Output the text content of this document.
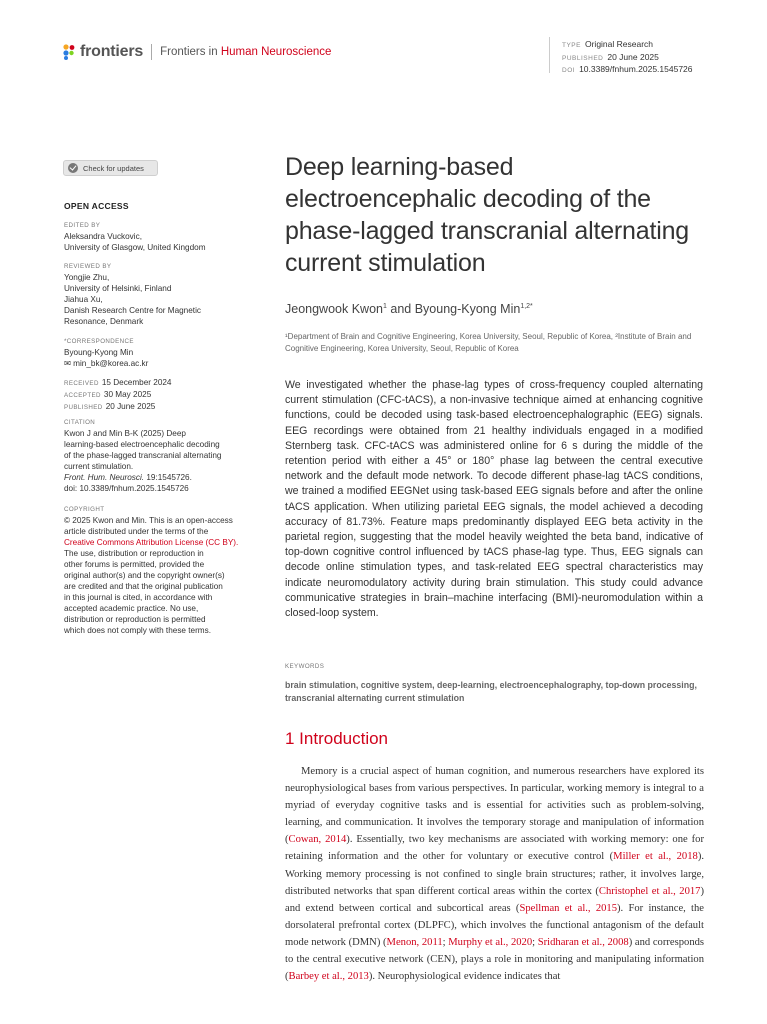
frontiers Frontiers in Human Neuroscience
TYPE Original Research
PUBLISHED 20 June 2025
DOI 10.3389/fnhum.2025.1545726
Check for updates
OPEN ACCESS
EDITED BY
Aleksandra Vuckovic,
University of Glasgow, United Kingdom
REVIEWED BY
Yongjie Zhu,
University of Helsinki, Finland
Jiahua Xu,
Danish Research Centre for Magnetic
Resonance, Denmark
*CORRESPONDENCE
Byoung-Kyong Min
✉ min_bk@korea.ac.kr
RECEIVED 15 December 2024
ACCEPTED 30 May 2025
PUBLISHED 20 June 2025
CITATION
Kwon J and Min B-K (2025) Deep
learning-based electroencephalic decoding
of the phase-lagged transcranial alternating
current stimulation.
Front. Hum. Neurosci. 19:1545726.
doi: 10.3389/fnhum.2025.1545726
COPYRIGHT
© 2025 Kwon and Min. This is an open-access
article distributed under the terms of the
Creative Commons Attribution License (CC BY).
The use, distribution or reproduction in
other forums is permitted, provided the
original author(s) and the copyright owner(s)
are credited and that the original publication
in this journal is cited, in accordance with
accepted academic practice. No use,
distribution or reproduction is permitted
which does not comply with these terms.
Deep learning-based electroencephalic decoding of the phase-lagged transcranial alternating current stimulation
Jeongwook Kwon$^1$ and Byoung-Kyong Min$^{1,2*}$
¹Department of Brain and Cognitive Engineering, Korea University, Seoul, Republic of Korea, ²Institute of Brain and Cognitive Engineering, Korea University, Seoul, Republic of Korea
We investigated whether the phase-lag types of cross-frequency coupled alternating current stimulation (CFC-tACS), a non-invasive technique aimed at enhancing cognitive functions, could be decoded using task-based electroencephalographic (EEG) signals. EEG recordings were obtained from 21 healthy individuals engaged in a modified Sternberg task. CFC-tACS was administered online for 6 s during the middle of the retention period with either a 45° or 180° phase lag between the central executive network and the default mode network. To decode different phase-lag tACS conditions, we trained a modified EEGNet using task-based EEG signals before and after the online tACS application. When utilizing parietal EEG signals, the model achieved a decoding accuracy of 81.73%. Feature maps predominantly displayed EEG beta activity in the parietal region, suggesting that the model heavily weighted the beta band, indicative of top-down cognitive control influenced by tACS phase-lag type. Thus, EEG signals can decode online stimulation types, and task-related EEG spectral characteristics may indicate neuromodulatory activity during brain stimulation. This study could advance communicative strategies in brain–machine interfacing (BMI)-neuromodulation within a closed-loop system.
KEYWORDS
brain stimulation, cognitive system, deep-learning, electroencephalography, top-down processing, transcranial alternating current stimulation
1 Introduction
Memory is a crucial aspect of human cognition, and numerous researchers have explored its neurophysiological bases from various perspectives. In particular, working memory is integral to a myriad of everyday cognitive tasks and is essential for activities such as problem-solving, learning, and communication. It involves the temporary storage and manipulation of information (Cowan, 2014). Essentially, two key mechanisms are associated with working memory: one for retaining information and the other for voluntary or executive control (Miller et al., 2018). Working memory processing is not confined to single brain structures; rather, it involves large, distributed networks that span different cortical areas within the cortex (Christophel et al., 2017) and extend between cortical and subcortical areas (Spellman et al., 2015). For instance, the dorsolateral prefrontal cortex (DLPFC), which involves the functional antagonism of the default mode network (DMN) (Menon, 2011; Murphy et al., 2020; Sridharan et al., 2008) and corresponds to the central executive network (CEN), plays a role in monitoring and manipulating information (Barbey et al., 2013). Neurophysiological evidence indicates that
